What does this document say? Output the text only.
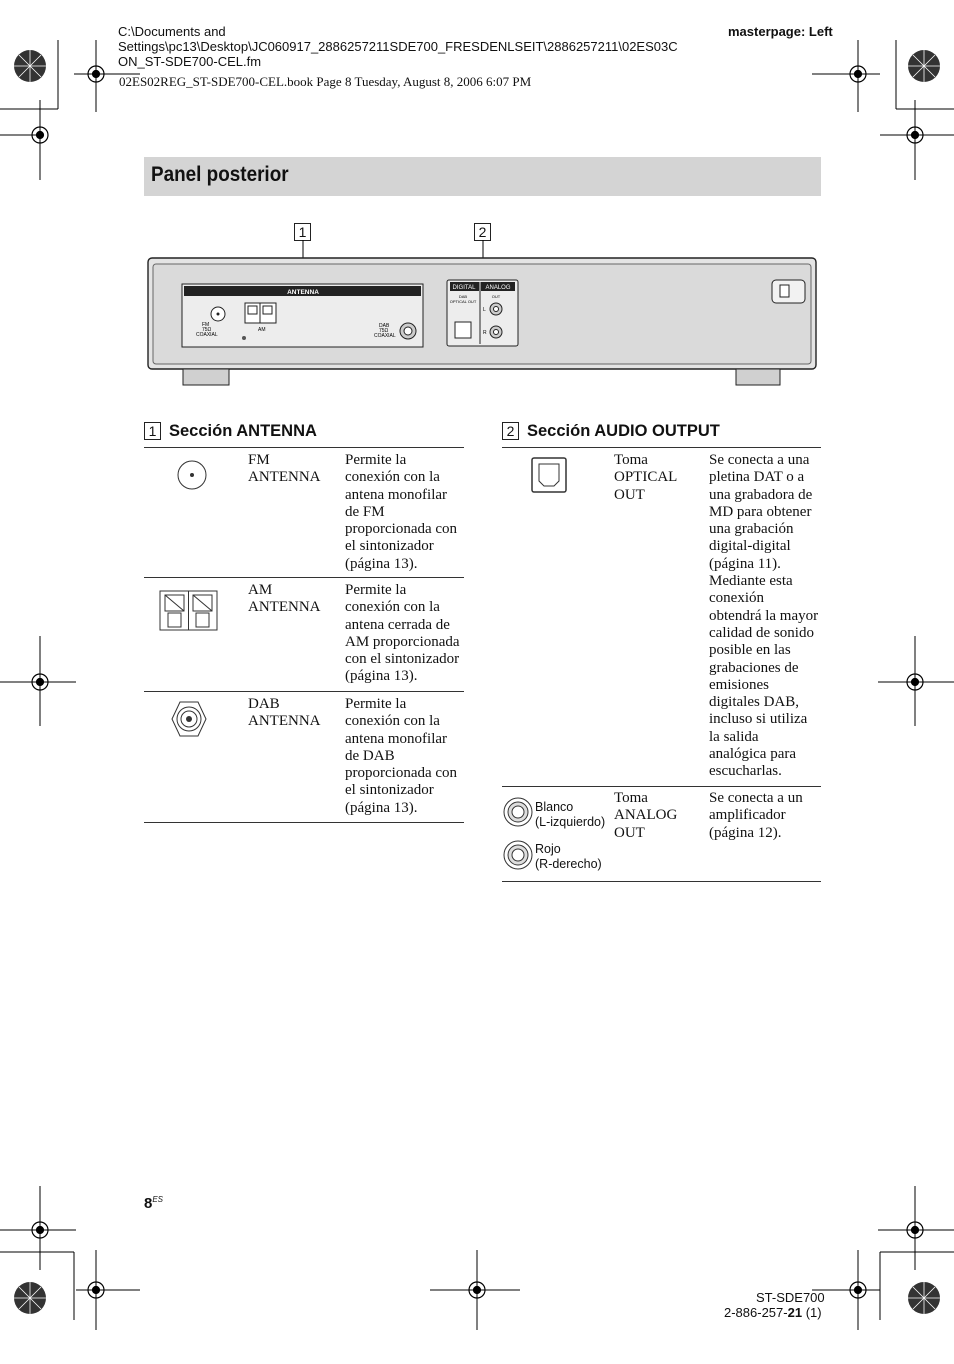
C:\Documents and
Settings\pc13\Desktop\JC060917_2886257211SDE700_FRESDENLSEIT\2886257211\02ES03C
ON_ST-SDE700-CEL.fm
masterpage: Left
02ES02REG_ST-SDE700-CEL.book Page 8 Tuesday, August 8, 2006 6:07 PM
Panel posterior
1	2
ANTENNA
FM
75Ω
COAXIAL
AM
DAB
75Ω
COAXIAL
DIGITAL ANALOG
DAB
OPTICAL OUT
OUT
L
R
1 Sección ANTENNA
FM
ANTENNA
Permite la
conexión con la
antena monofilar
de FM
proporcionada con
el sintonizador
(página 13).
AM
ANTENNA
Permite la
conexión con la
antena cerrada de
AM proporcionada
con el sintonizador
(página 13).
DAB
ANTENNA
Permite la
conexión con la
antena monofilar
de DAB
proporcionada con
el sintonizador
(página 13).
2 Sección AUDIO OUTPUT
Toma
OPTICAL
OUT
Se conecta a una
pletina DAT o a
una grabadora de
MD para obtener
una grabación
digital-digital
(página 11).
Mediante esta
conexión
obtendrá la mayor
calidad de sonido
posible en las
grabaciones de
emisiones
digitales DAB,
incluso si utiliza
la salida
analógica para
escucharlas.
Blanco
(L-izquierdo)
Rojo
(R-derecho)
Toma
ANALOG
OUT
Se conecta a un
amplificador
(página 12).
$8^{ES}$
ST-SDE700
2-886-257-21 (1)
